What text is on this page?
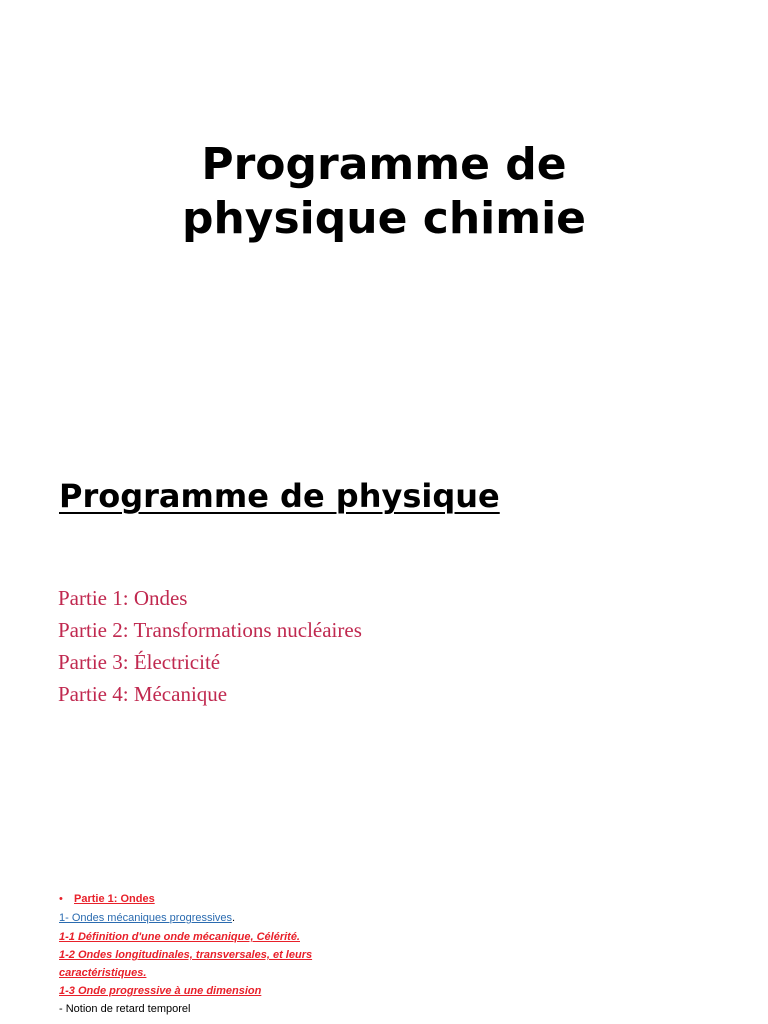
Programme de
physique chimie
Programme de physique
Partie 1: Ondes
Partie 2: Transformations nucléaires
Partie 3: Électricité
Partie 4: Mécanique
• Partie 1: Ondes
1- Ondes mécaniques progressives.
1-1 Définition d'une onde mécanique, Célérité.
1-2 Ondes longitudinales, transversales, et leurs caractéristiques.
1-3 Onde progressive à une dimension
- Notion de retard temporel
